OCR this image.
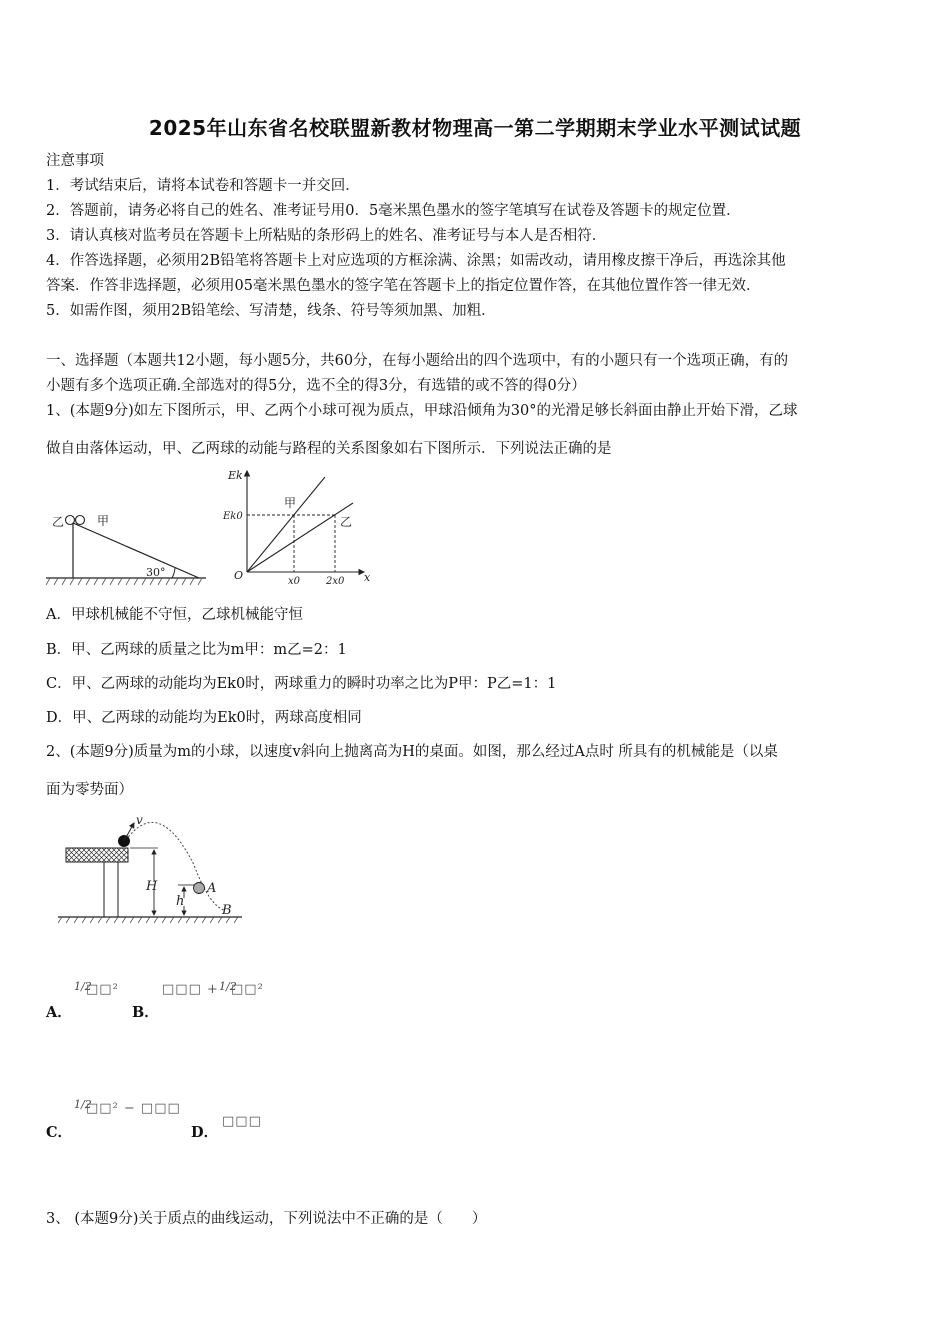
2025年山东省名校联盟新教材物理高一第二学期期末学业水平测试试题
注意事项
1．考试结束后，请将本试卷和答题卡一并交回．
2．答题前，请务必将自己的姓名、准考证号用0．5毫米黑色墨水的签字笔填写在试卷及答题卡的规定位置．
3．请认真核对监考员在答题卡上所粘贴的条形码上的姓名、准考证号与本人是否相符．
4．作答选择题，必须用2B铅笔将答题卡上对应选项的方框涂满、涂黑；如需改动，请用橡皮擦干净后，再选涂其他
答案．作答非选择题，必须用05毫米黑色墨水的签字笔在答题卡上的指定位置作答，在其他位置作答一律无效．
5．如需作图，须用2B铅笔绘、写清楚，线条、符号等须加黑、加粗．
一、选择题（本题共12小题，每小题5分，共60分，在每小题给出的四个选项中，有的小题只有一个选项正确，有的
小题有多个选项正确.全部选对的得5分，选不全的得3分，有选错的或不答的得0分）
1、(本题9分)如左下图所示，甲、乙两个小球可视为质点，甲球沿倾角为30°的光滑足够长斜面由静止开始下滑，乙球
做自由落体运动，甲、乙两球的动能与路程的关系图象如右下图所示．下列说法正确的是
乙	甲
30°
Ek
Ek0
O	x0	2x0 x
甲
乙
A．甲球机械能不守恒，乙球机械能守恒
B．甲、乙两球的质量之比为m甲：m乙=2：1
C．甲、乙两球的动能均为Ek0时，两球重力的瞬时功率之比为P甲：P乙=1：1
D．甲、乙两球的动能均为Ek0时，两球高度相同
2、(本题9分)质量为m的小球，以速度v斜向上抛离高为H的桌面。如图，那么经过A点时 所具有的机械能是（以桌
面为零势面）
v
H
h
A
B
A．
1/2
□□²
B．
□□□ + 1/2
□□²
C．
1/2
□□² − □□□
D．
□□□
3、 (本题9分)关于质点的曲线运动，下列说法中不正确的是（　　）
